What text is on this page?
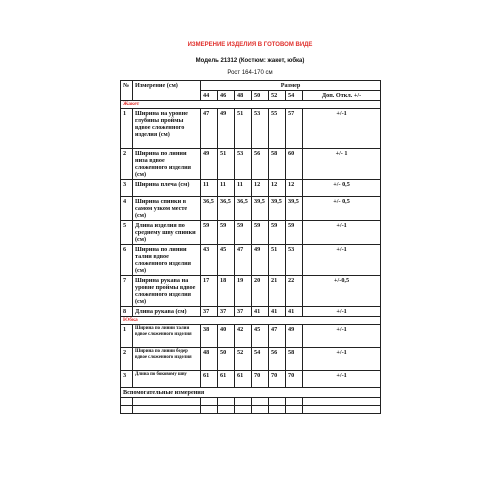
ИЗМЕРЕНИЕ ИЗДЕЛИЯ В ГОТОВОМ ВИДЕ
Модель 21312 (Костюм: жакет, юбка)
Рост 164-170 см
№	Измерение (см)	Размер						
		44	46	48	50	52	54	Доп. Откл. +/-
Жакет								
1	Ширина на уровне глубины проймы вдвое сложенного изделия (см)	47	49	51	53	55	57	+/-1
2	Ширина по линии низа вдвое сложенного изделия (см)	49	51	53	56	58	60	+/- 1
3	Ширина плеча (см)	11	11	11	12	12	12	+/- 0,5
4	Ширина спинки в самом узком месте (см)	36,5	36,5	36,5	39,5	39,5	39,5	+/- 0,5
5	Длина изделия по среднему шву спинки (см)	59	59	59	59	59	59	+/-1
6	Ширина по линии талии вдвое сложенного изделия (см)	43	45	47	49	51	53	+/-1
7	Ширина рукава на уровне проймы вдвое сложенного изделия (см)	17	18	19	20	21	22	+/-0,5
8	Длина рукава (см)	37	37	37	41	41	41	+/-1
Юбка								
1	Ширина по линии талии вдвое сложенного изделия	38	40	42	45	47	49	+/-1
2	Ширина по линии бедер вдвое сложенного изделия	48	50	52	54	56	58	+/-1
3	Длина по боковому шву	61	61	61	70	70	70	+/-1
Вспомогательные измерения								
